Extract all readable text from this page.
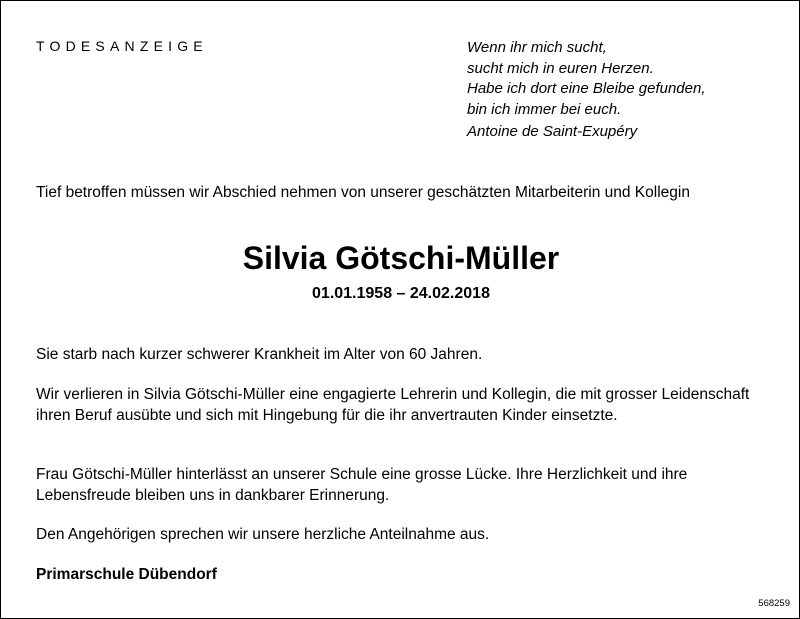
TODESANZEIGE	Wenn ihr mich sucht,
sucht mich in euren Herzen.
Habe ich dort eine Bleibe gefunden,
bin ich immer bei euch.
Antoine de Saint-Exupéry
Tief betroffen müssen wir Abschied nehmen von unserer geschätzten Mitarbeiterin und Kollegin
Silvia Götschi-Müller
01.01.1958 – 24.02.2018
Sie starb nach kurzer schwerer Krankheit im Alter von 60 Jahren.
Wir verlieren in Silvia Götschi-Müller eine engagierte Lehrerin und Kollegin, die mit grosser Leidenschaft ihren Beruf ausübte und sich mit Hingebung für die ihr anvertrauten Kinder einsetzte.
Frau Götschi-Müller hinterlässt an unserer Schule eine grosse Lücke. Ihre Herzlichkeit und ihre Lebensfreude bleiben uns in dankbarer Erinnerung.
Den Angehörigen sprechen wir unsere herzliche Anteilnahme aus.
Primarschule Dübendorf
568259
